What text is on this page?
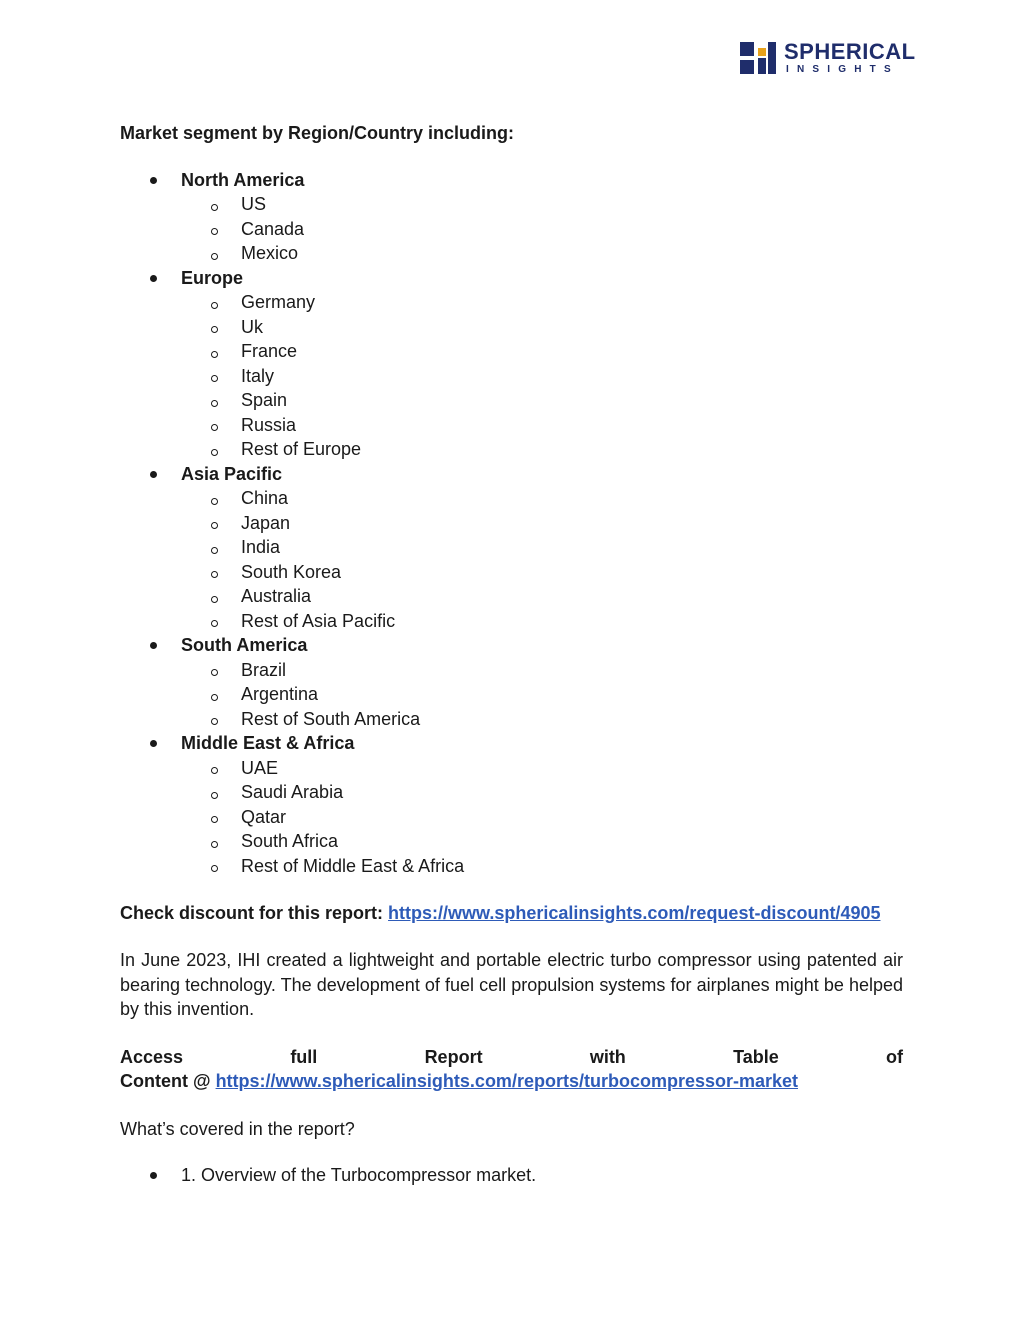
SPHERICAL
INSIGHTS

Market segment by Region/Country including:

North America
US
Canada
Mexico
Europe
Germany
Uk
France
Italy
Spain
Russia
Rest of Europe
Asia Pacific
China
Japan
India
South Korea
Australia
Rest of Asia Pacific
South America
Brazil
Argentina
Rest of South America
Middle East & Africa
UAE
Saudi Arabia
Qatar
South Africa
Rest of Middle East & Africa

Check discount for this report: https://www.sphericalinsights.com/request-discount/4905

In June 2023, IHI created a lightweight and portable electric turbo compressor using patented air bearing technology. The development of fuel cell propulsion systems for airplanes might be helped by this invention.

Access	full	Report	with	Table	of

Content @ https://www.sphericalinsights.com/reports/turbocompressor-market

What’s covered in the report?

1. Overview of the Turbocompressor market.
